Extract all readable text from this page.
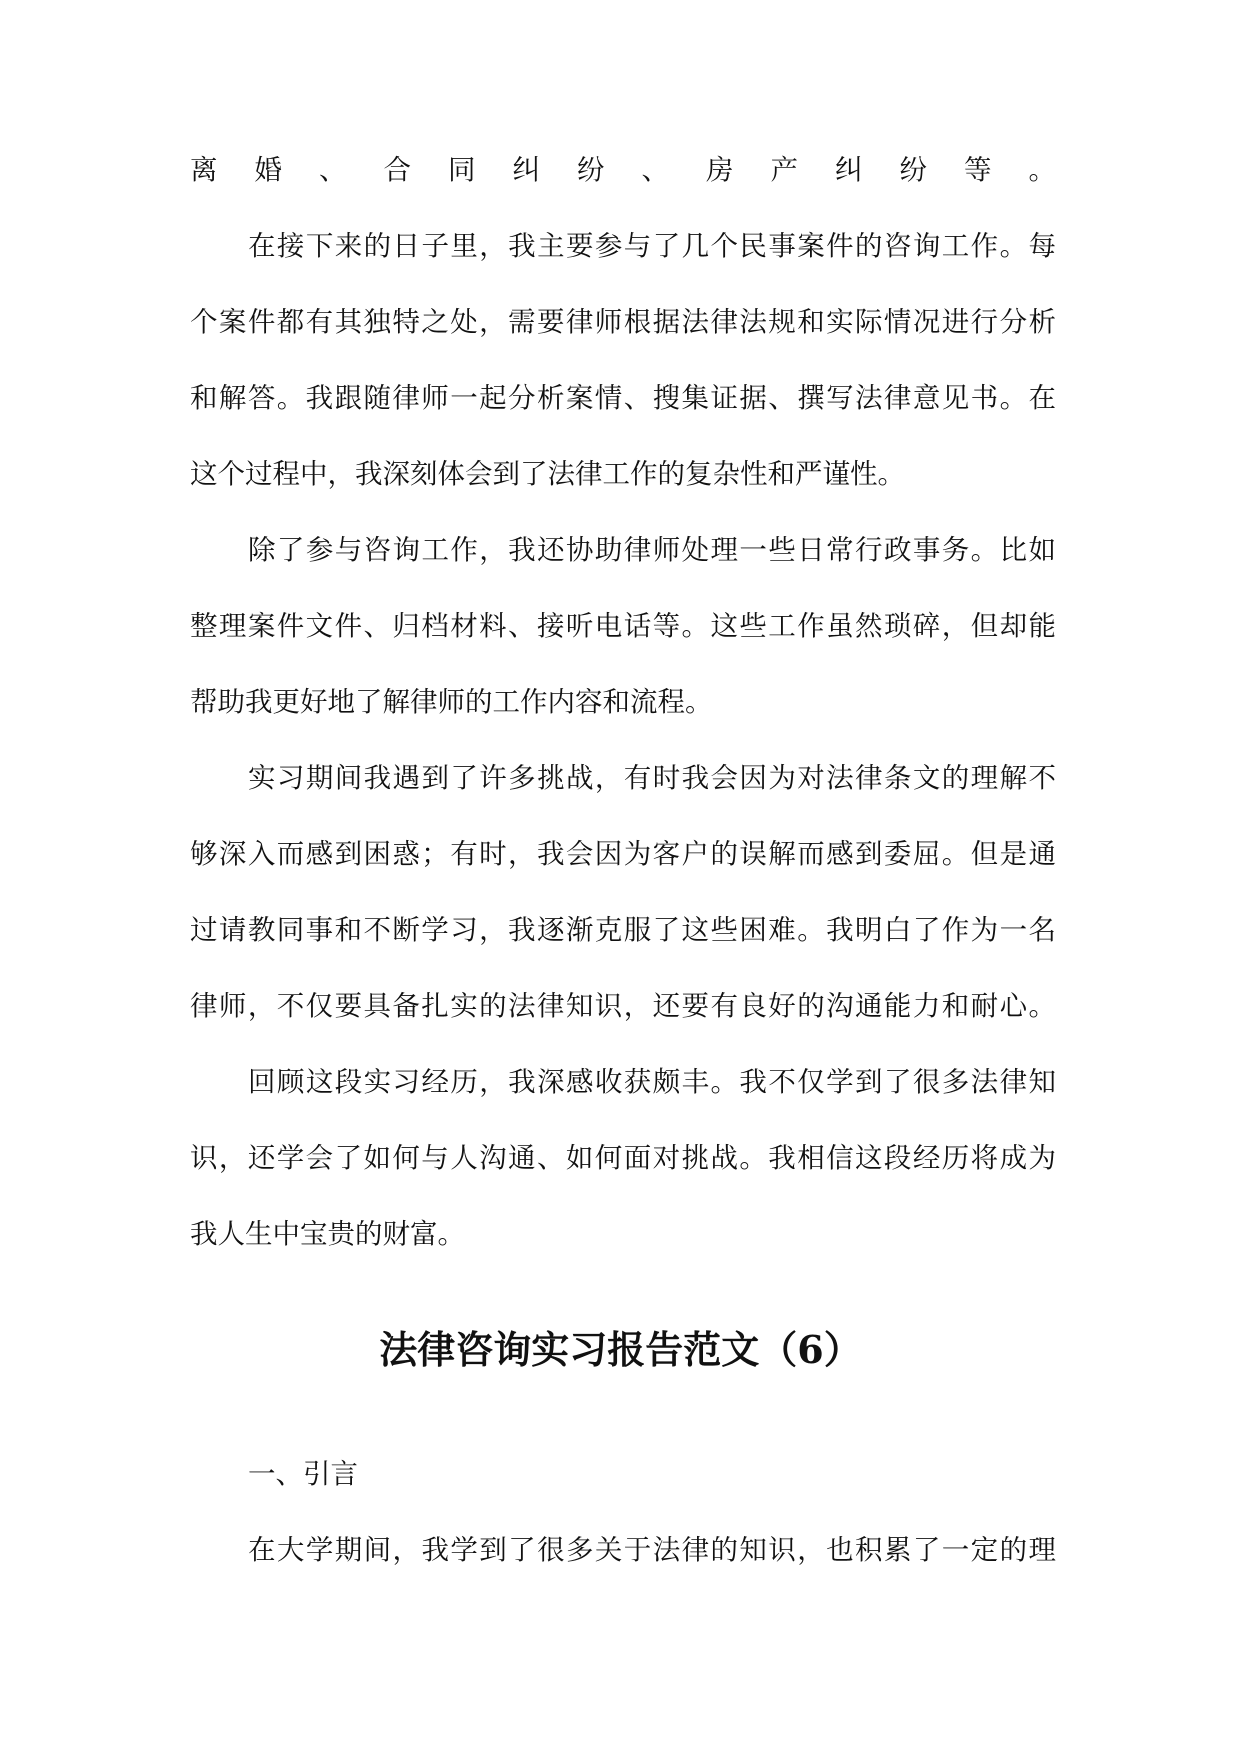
离婚、合同纠纷、房产纠纷等。
在接下来的日子里，我主要参与了几个民事案件的咨询工作。每
个案件都有其独特之处，需要律师根据法律法规和实际情况进行分析
和解答。我跟随律师一起分析案情、搜集证据、撰写法律意见书。在
这个过程中，我深刻体会到了法律工作的复杂性和严谨性。
除了参与咨询工作，我还协助律师处理一些日常行政事务。比如
整理案件文件、归档材料、接听电话等。这些工作虽然琐碎，但却能
帮助我更好地了解律师的工作内容和流程。
实习期间我遇到了许多挑战，有时我会因为对法律条文的理解不
够深入而感到困惑；有时，我会因为客户的误解而感到委屈。但是通
过请教同事和不断学习，我逐渐克服了这些困难。我明白了作为一名
律师，不仅要具备扎实的法律知识，还要有良好的沟通能力和耐心。
回顾这段实习经历，我深感收获颇丰。我不仅学到了很多法律知
识，还学会了如何与人沟通、如何面对挑战。我相信这段经历将成为
我人生中宝贵的财富。
法律咨询实习报告范文（6）
一、引言
在大学期间，我学到了很多关于法律的知识，也积累了一定的理
